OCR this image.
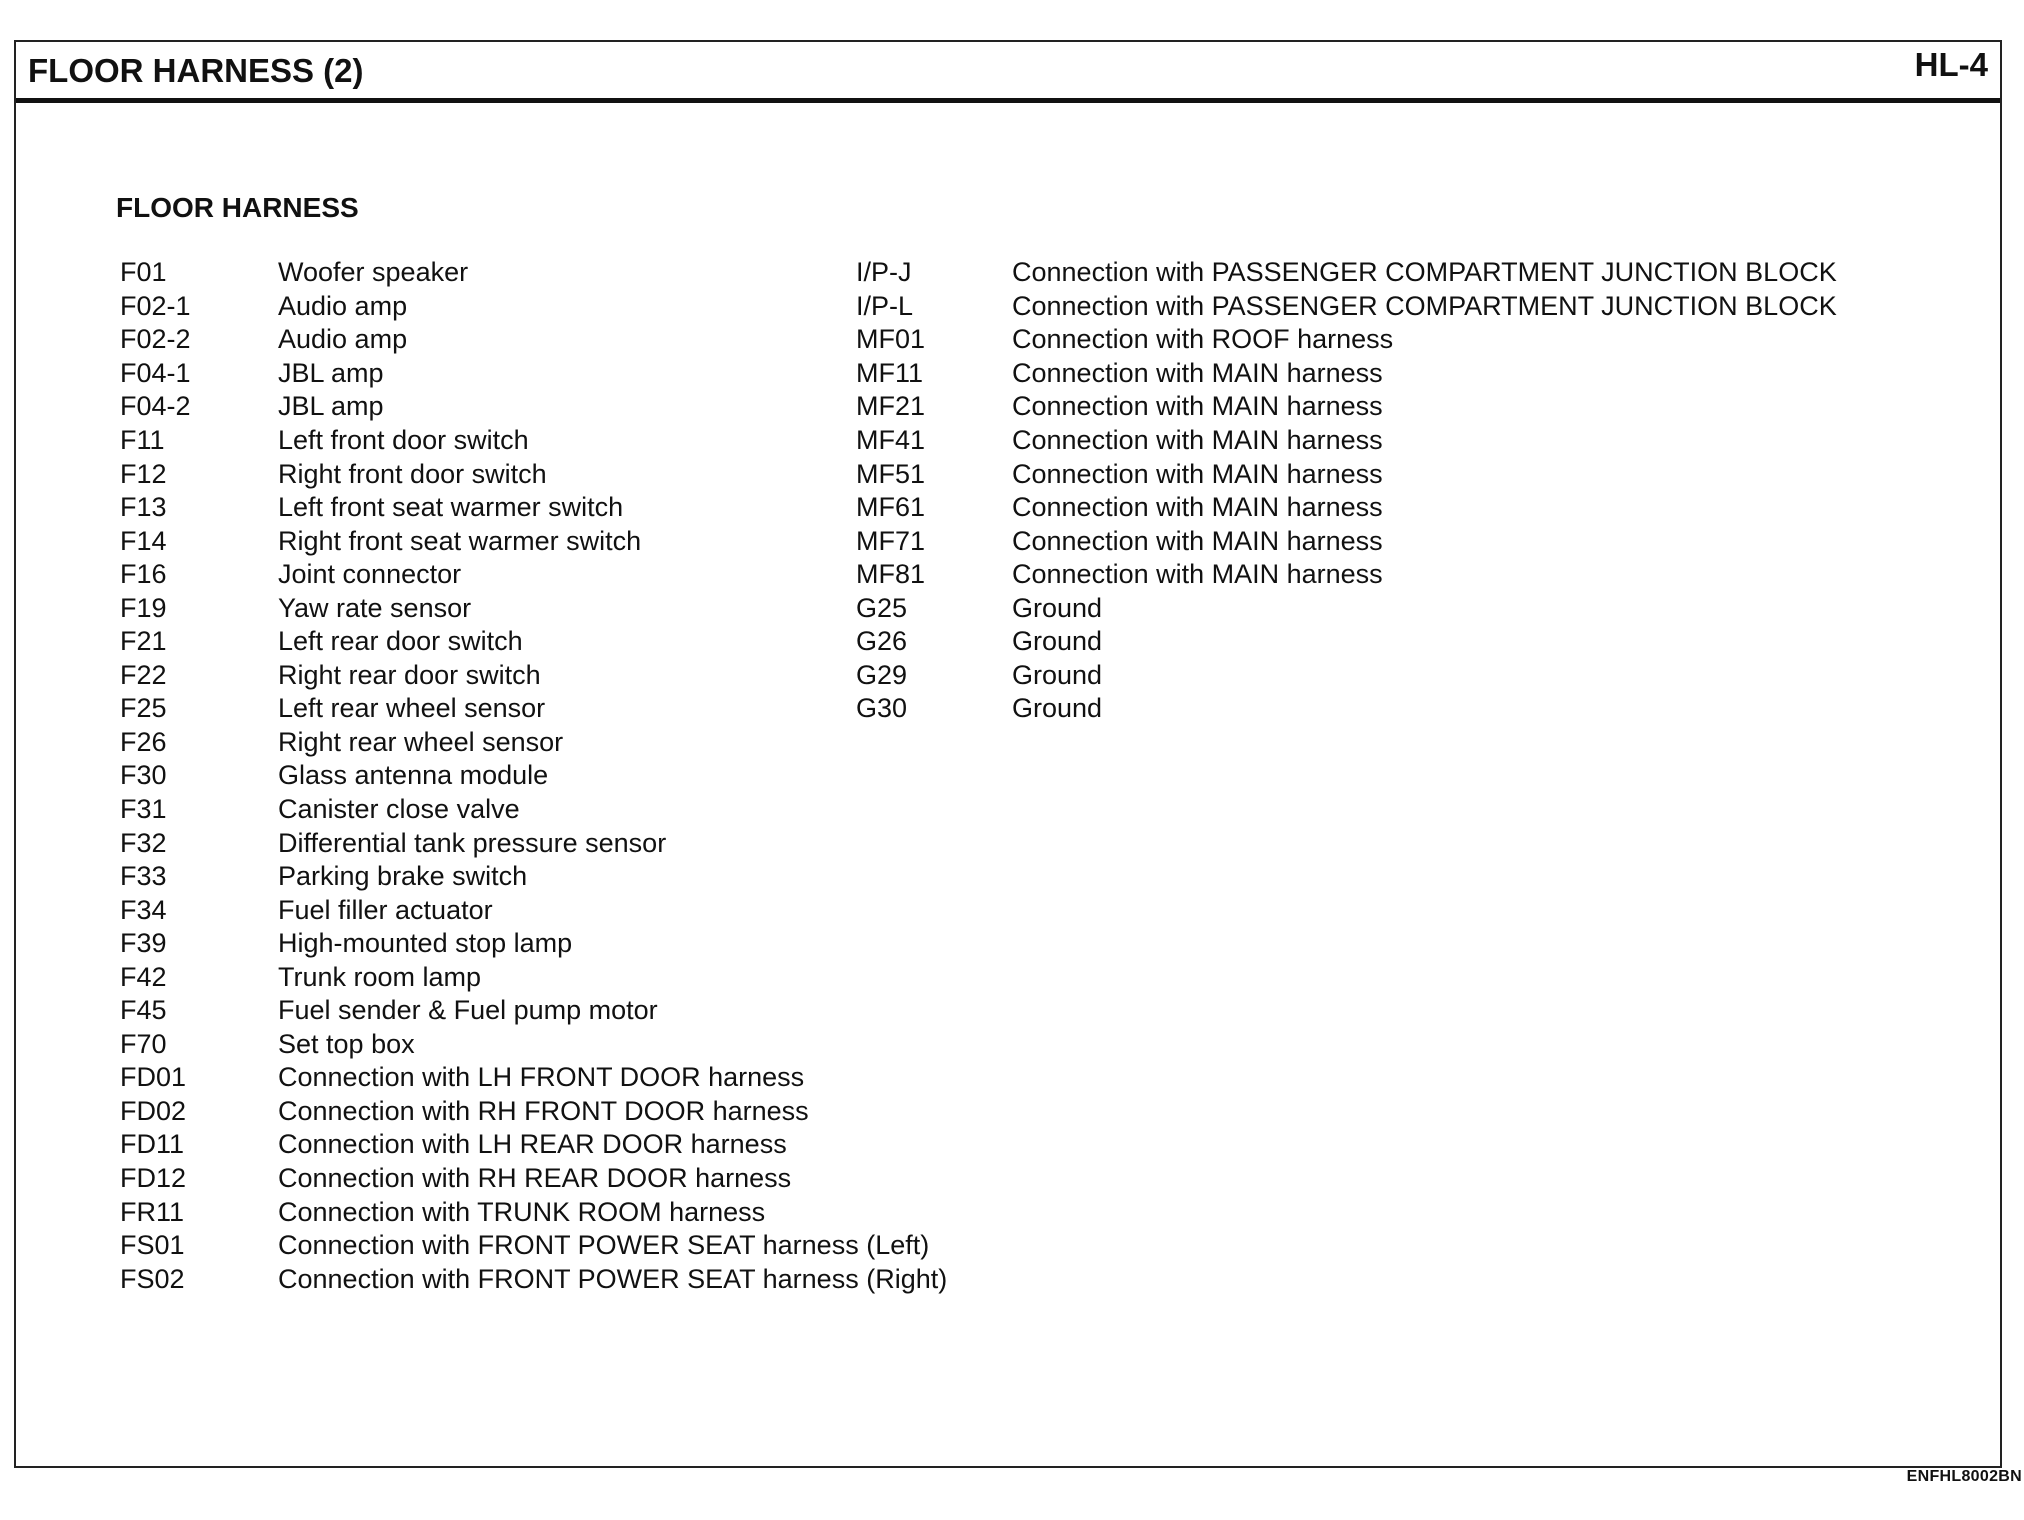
FLOOR HARNESS (2)	HL-4
FLOOR HARNESS
F01	Woofer speaker
F02-1	Audio amp
F02-2	Audio amp
F04-1	JBL amp
F04-2	JBL amp
F11	Left front door switch
F12	Right front door switch
F13	Left front seat warmer switch
F14	Right front seat warmer switch
F16	Joint connector
F19	Yaw rate sensor
F21	Left rear door switch
F22	Right rear door switch
F25	Left rear wheel sensor
F26	Right rear wheel sensor
F30	Glass antenna module
F31	Canister close valve
F32	Differential tank pressure sensor
F33	Parking brake switch
F34	Fuel filler actuator
F39	High-mounted stop lamp
F42	Trunk room lamp
F45	Fuel sender & Fuel pump motor
F70	Set top box
FD01	Connection with LH FRONT DOOR harness
FD02	Connection with RH FRONT DOOR harness
FD11	Connection with LH REAR DOOR harness
FD12	Connection with RH REAR DOOR harness
FR11	Connection with TRUNK ROOM harness
FS01	Connection with FRONT POWER SEAT harness (Left)
FS02	Connection with FRONT POWER SEAT harness (Right)
I/P-J	Connection with PASSENGER COMPARTMENT JUNCTION BLOCK
I/P-L	Connection with PASSENGER COMPARTMENT JUNCTION BLOCK
MF01	Connection with ROOF harness
MF11	Connection with MAIN harness
MF21	Connection with MAIN harness
MF41	Connection with MAIN harness
MF51	Connection with MAIN harness
MF61	Connection with MAIN harness
MF71	Connection with MAIN harness
MF81	Connection with MAIN harness
G25	Ground
G26	Ground
G29	Ground
G30	Ground
ENFHL8002BN
